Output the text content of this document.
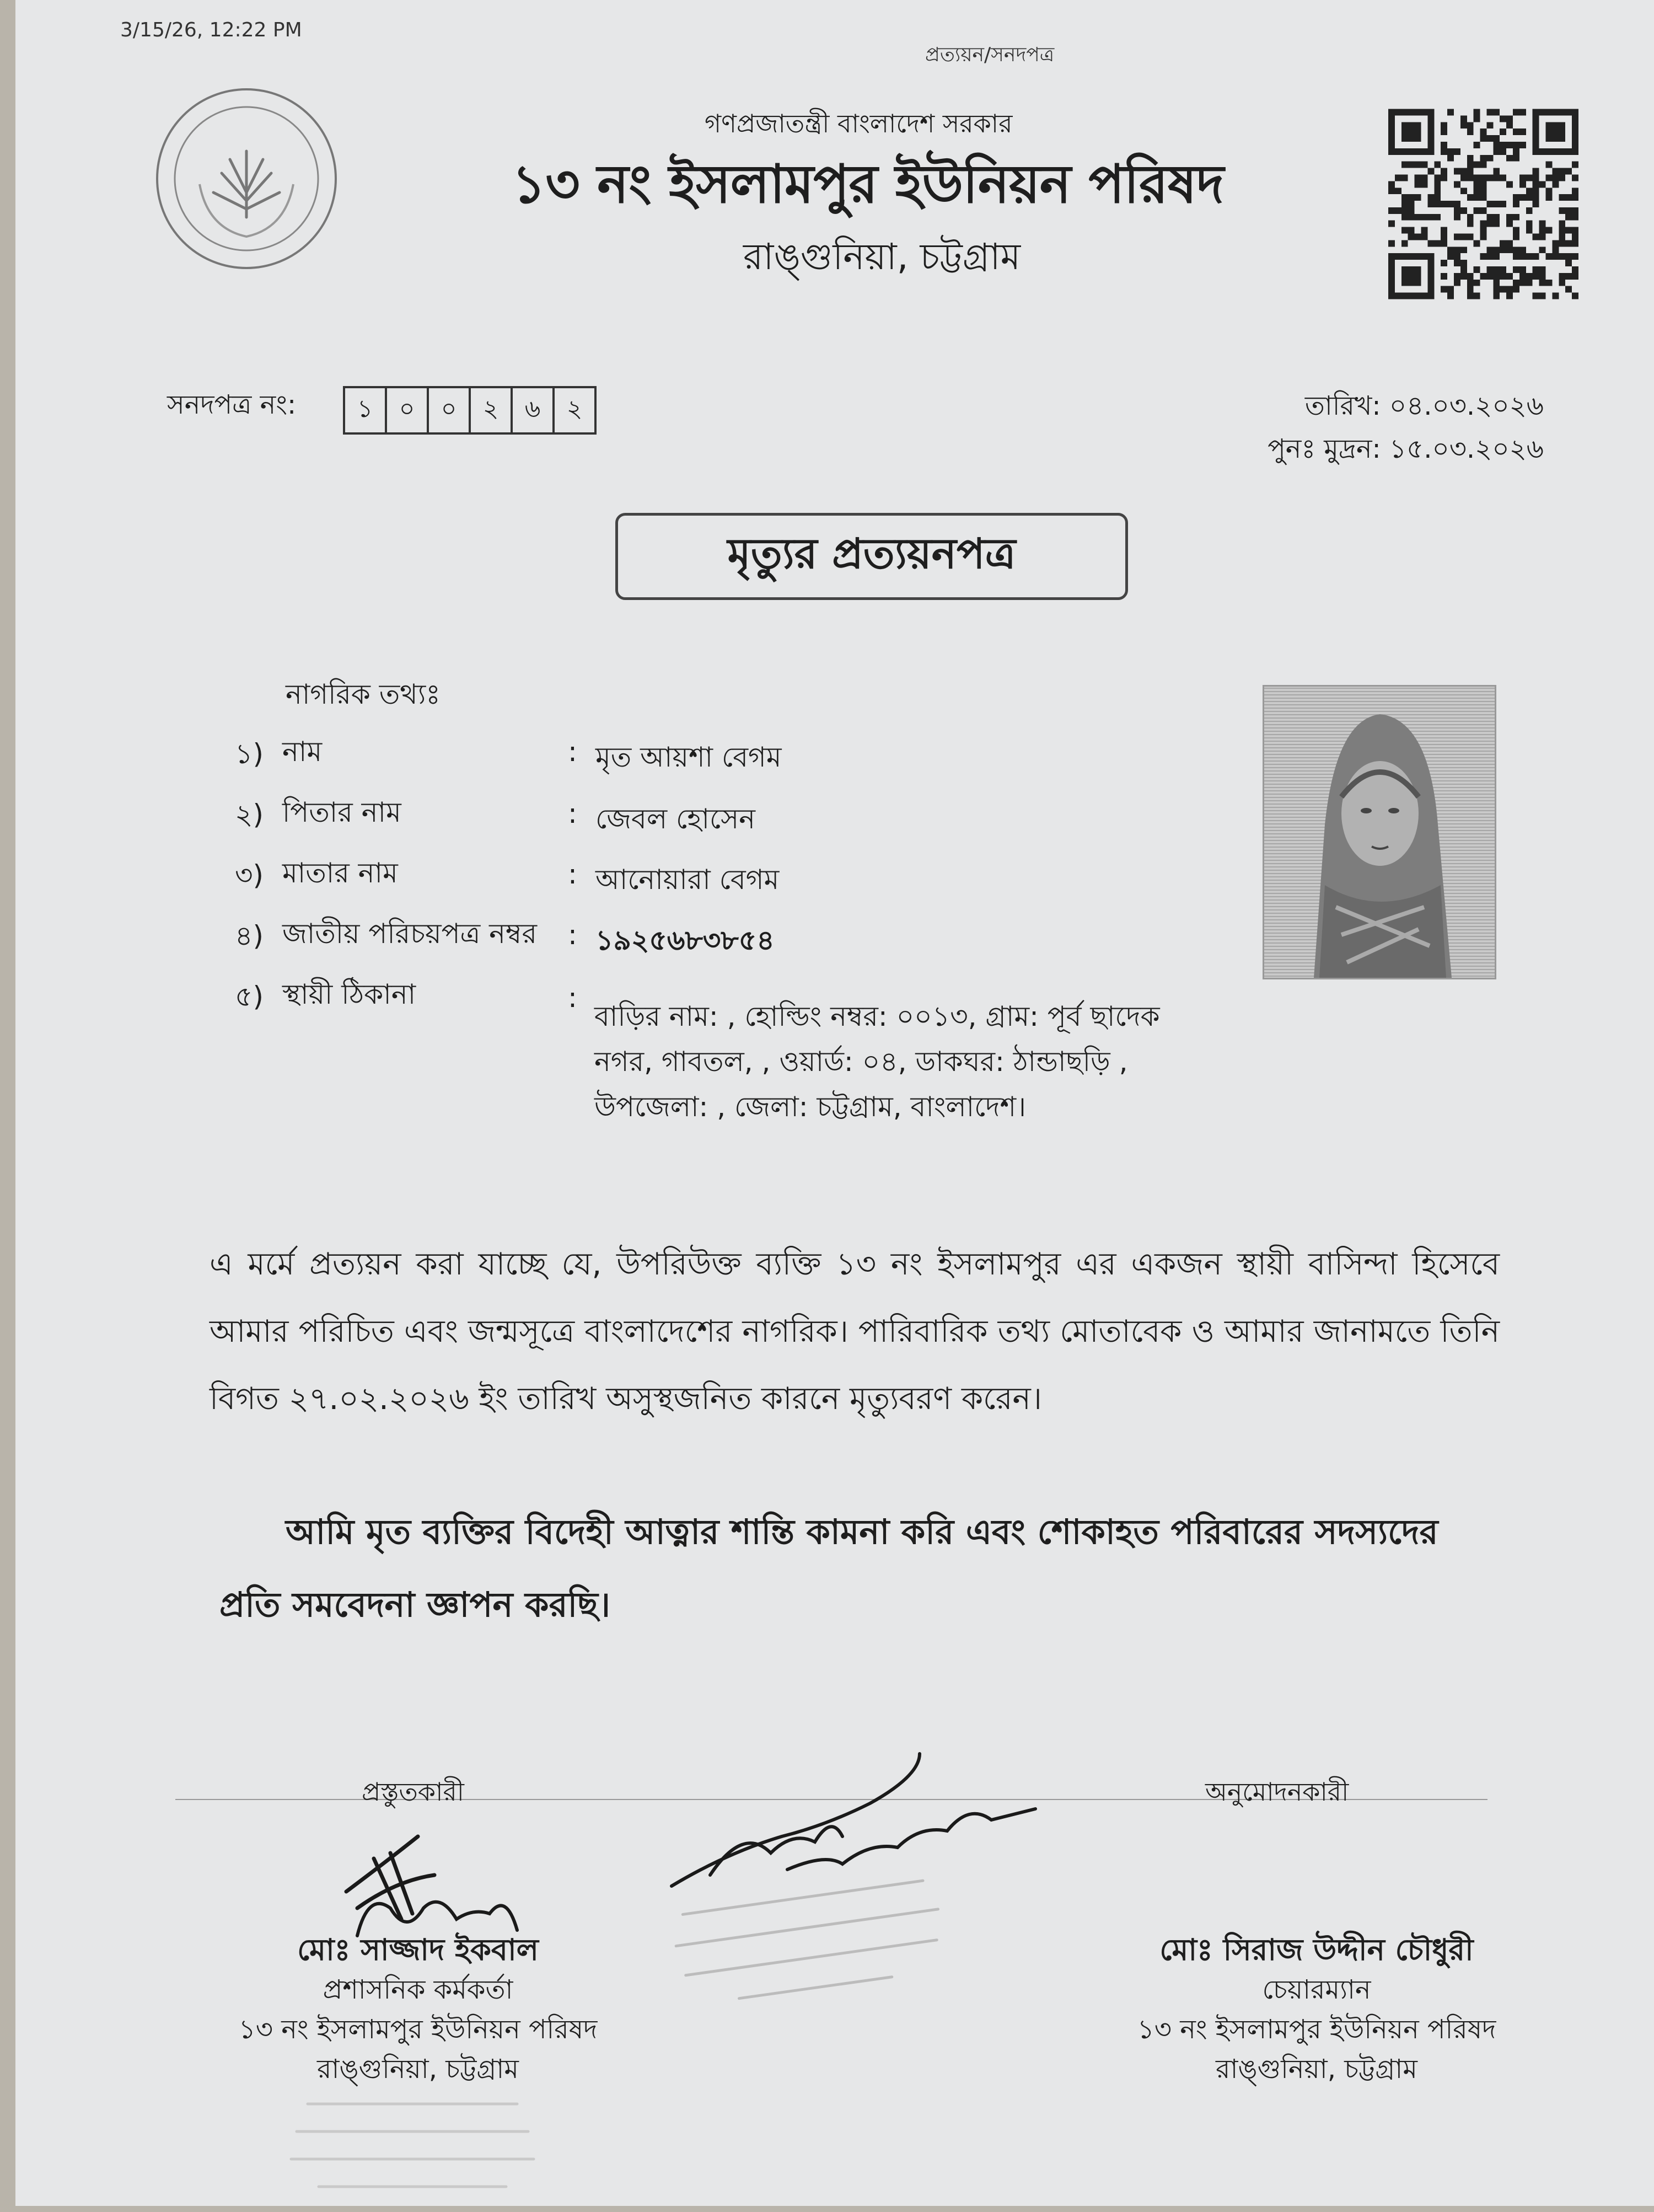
3/15/26, 12:22 PM
প্রত্যয়ন/সনদপত্র
গণপ্রজাতন্ত্রী বাংলাদেশ সরকার
১৩ নং ইসলামপুর ইউনিয়ন পরিষদ
রাঙ্গুনিয়া, চট্টগ্রাম
সনদপত্র নং:	১	০	০	২	৬	২	তারিখ: ০৪.০৩.২০২৬
পুনঃ মুদ্রন: ১৫.০৩.২০২৬
মৃত্যুর প্রত্যয়নপত্র
নাগরিক তথ্যঃ
১) নাম	: মৃত আয়শা বেগম
২) পিতার নাম	: জেবল হোসেন
৩) মাতার নাম	: আনোয়ারা বেগম
৪) জাতীয় পরিচয়পত্র নম্বর : ১৯২৫৬৮৩৮৫৪
৫) স্থায়ী ঠিকানা	:
বাড়ির নাম: , হোল্ডিং নম্বর: ০০১৩, গ্রাম: পূর্ব ছাদেক
নগর, গাবতল, , ওয়ার্ড: ০৪, ডাকঘর: ঠান্ডাছড়ি ,
উপজেলা: , জেলা: চট্টগ্রাম, বাংলাদেশ।
এ মর্মে প্রত্যয়ন করা যাচ্ছে যে, উপরিউক্ত ব্যক্তি ১৩ নং ইসলামপুর এর একজন স্থায়ী বাসিন্দা হিসেবে আমার পরিচিত এবং জন্মসূত্রে বাংলাদেশের নাগরিক। পারিবারিক তথ্য মোতাবেক ও আমার জানামতে তিনি বিগত ২৭.০২.২০২৬ ইং তারিখ অসুস্থজনিত কারনে মৃত্যুবরণ করেন।
আমি মৃত ব্যক্তির বিদেহী আত্নার শান্তি কামনা করি এবং শোকাহত পরিবারের সদস্যদের প্রতি সমবেদনা জ্ঞাপন করছি।
প্রস্তুতকারী	অনুমোদনকারী
মোঃ সাজ্জাদ ইকবাল
প্রশাসনিক কর্মকর্তা
১৩ নং ইসলামপুর ইউনিয়ন পরিষদ
রাঙ্গুনিয়া, চট্টগ্রাম
মোঃ সিরাজ উদ্দীন চৌধুরী
চেয়ারম্যান
১৩ নং ইসলামপুর ইউনিয়ন পরিষদ
রাঙ্গুনিয়া, চট্টগ্রাম
